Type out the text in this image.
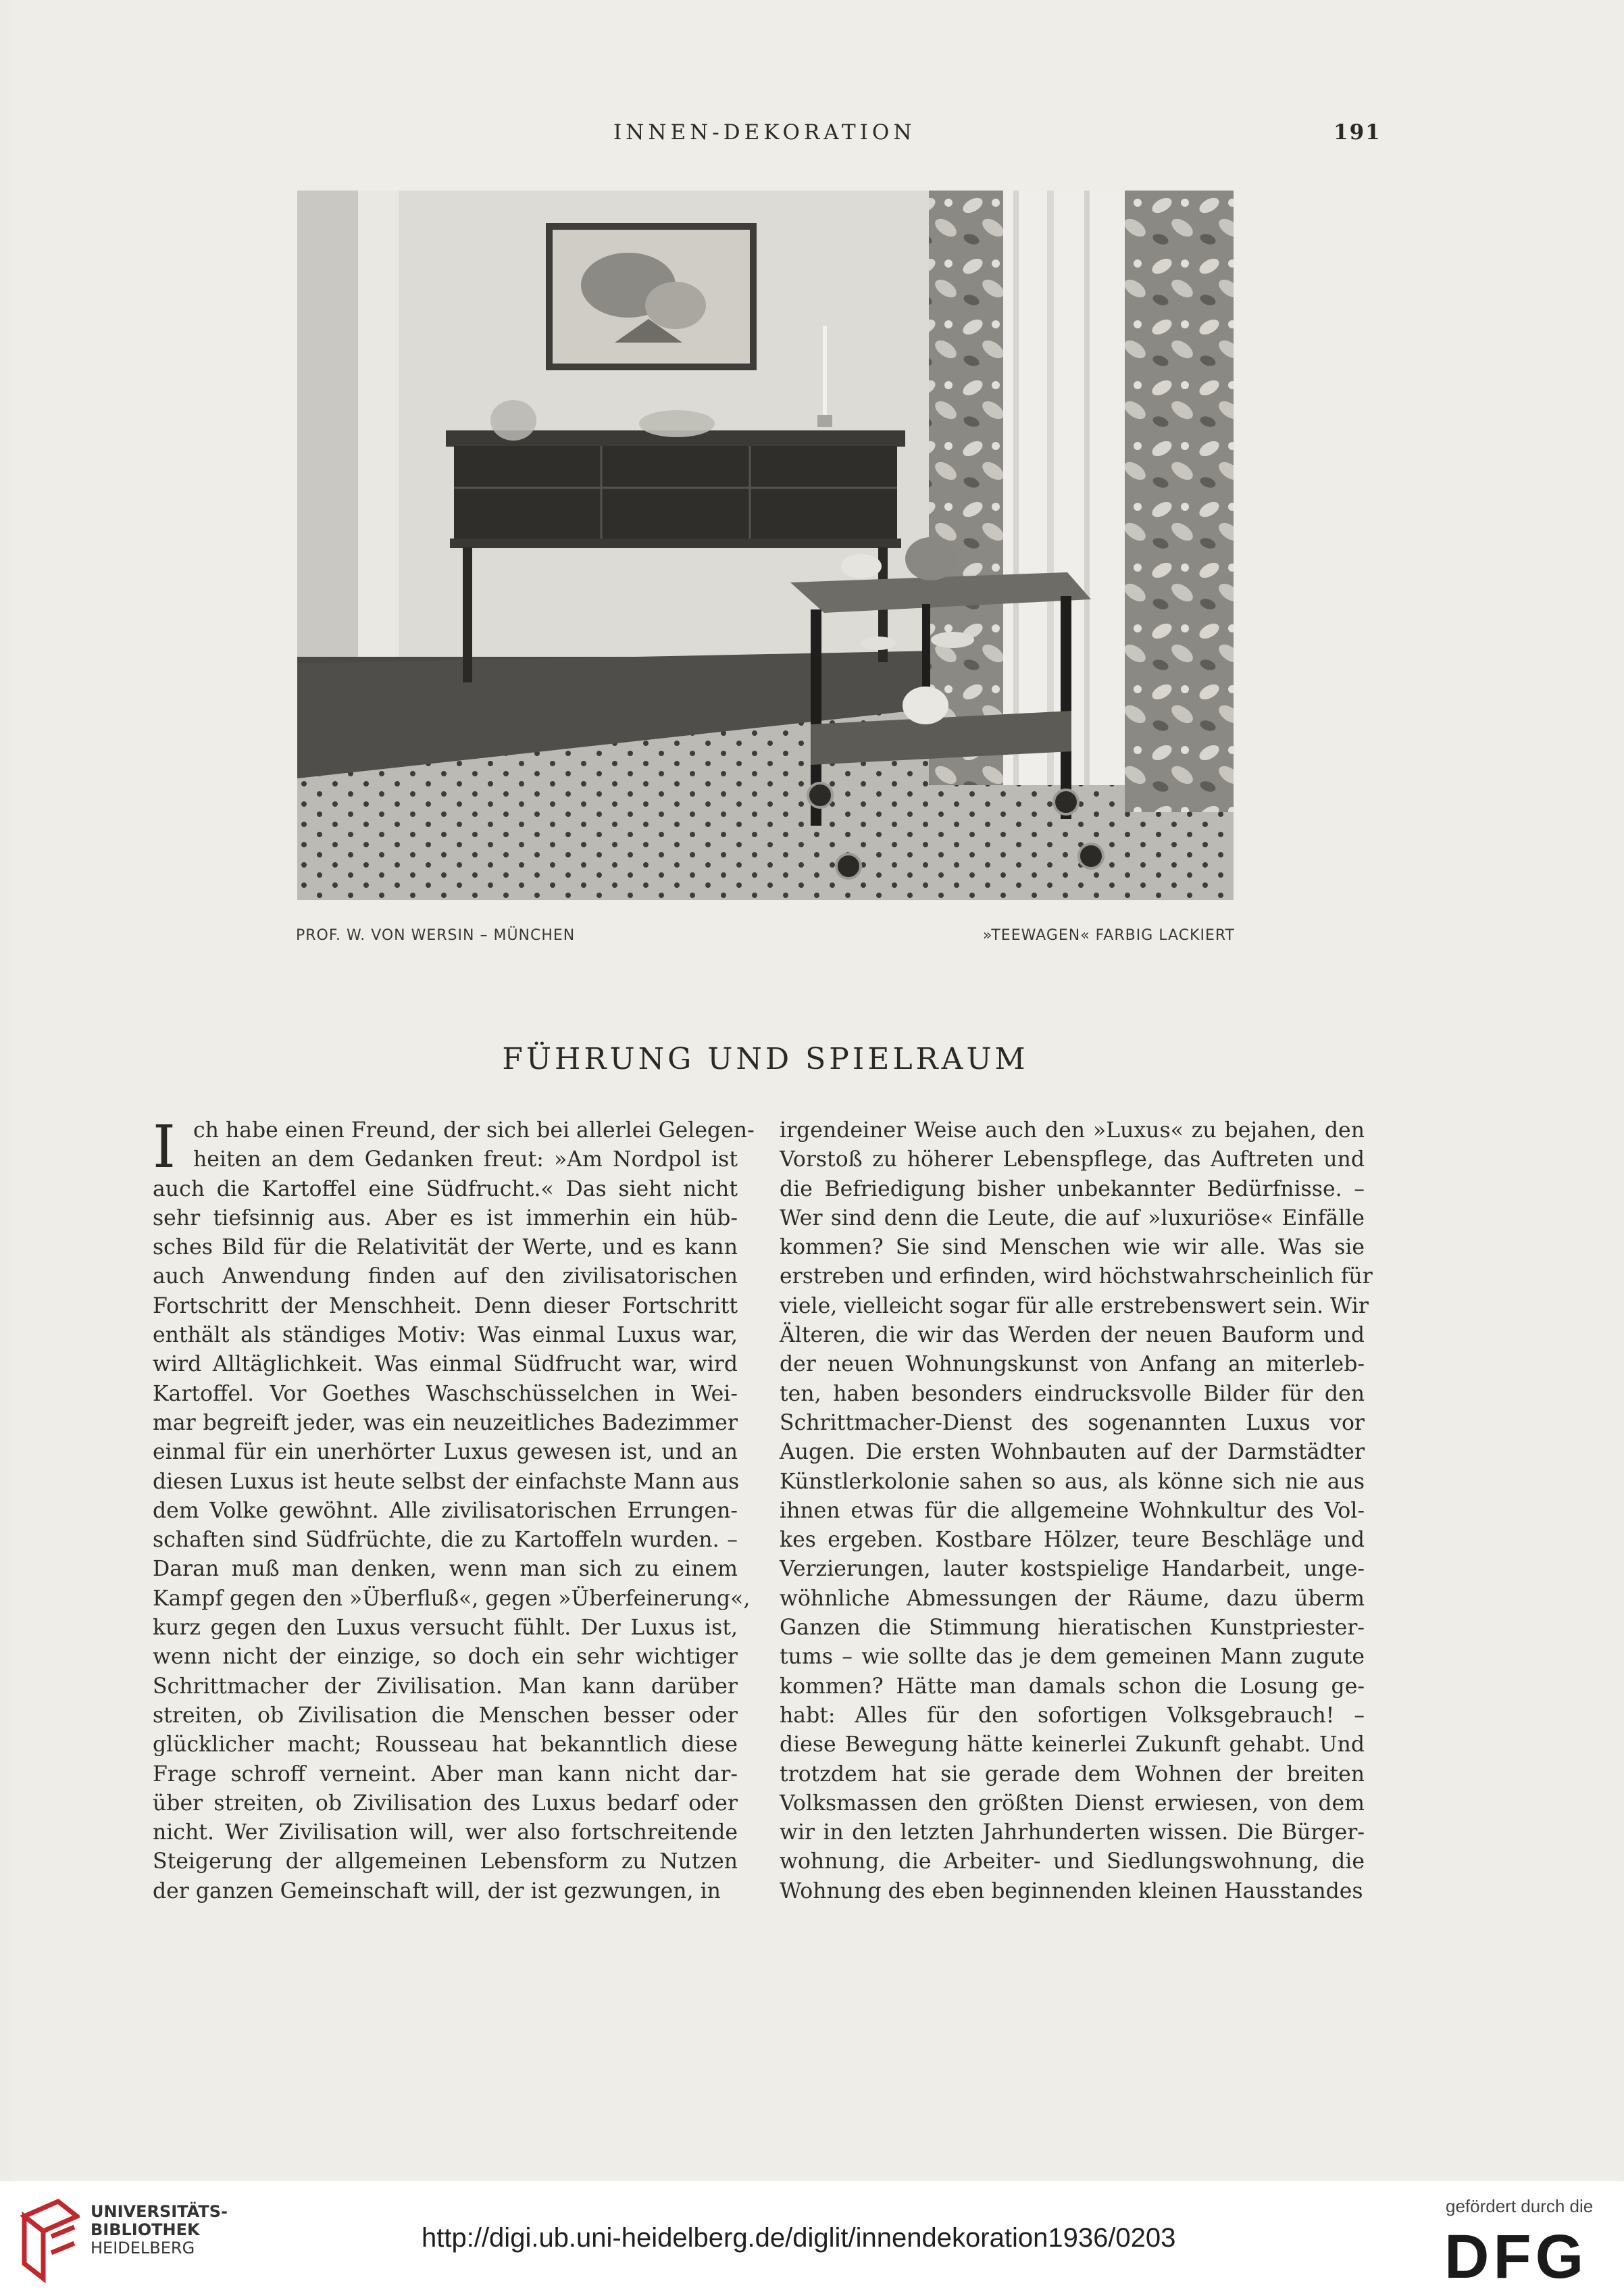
INNEN-DEKORATION	191
PROF. W. VON WERSIN – MÜNCHEN	»TEEWAGEN« FARBIG LACKIERT
FÜHRUNG UND SPIELRAUM
I ch habe einen Freund, der sich bei allerlei Gelegen-
heiten an dem Gedanken freut: »Am Nordpol ist
auch die Kartoffel eine Südfrucht.« Das sieht nicht
sehr tiefsinnig aus. Aber es ist immerhin ein hüb-
sches Bild für die Relativität der Werte, und es kann
auch Anwendung finden auf den zivilisatorischen
Fortschritt der Menschheit. Denn dieser Fortschritt
enthält als ständiges Motiv: Was einmal Luxus war,
wird Alltäglichkeit. Was einmal Südfrucht war, wird
Kartoffel. Vor Goethes Waschschüsselchen in Wei-
mar begreift jeder, was ein neuzeitliches Badezimmer
einmal für ein unerhörter Luxus gewesen ist, und an
diesen Luxus ist heute selbst der einfachste Mann aus
dem Volke gewöhnt. Alle zivilisatorischen Errungen-
schaften sind Südfrüchte, die zu Kartoffeln wurden. –
Daran muß man denken, wenn man sich zu einem
Kampf gegen den »Überfluß«, gegen »Überfeinerung«,
kurz gegen den Luxus versucht fühlt. Der Luxus ist,
wenn nicht der einzige, so doch ein sehr wichtiger
Schrittmacher der Zivilisation. Man kann darüber
streiten, ob Zivilisation die Menschen besser oder
glücklicher macht; Rousseau hat bekanntlich diese
Frage schroff verneint. Aber man kann nicht dar-
über streiten, ob Zivilisation des Luxus bedarf oder
nicht. Wer Zivilisation will, wer also fortschreitende
Steigerung der allgemeinen Lebensform zu Nutzen
der ganzen Gemeinschaft will, der ist gezwungen, in
irgendeiner Weise auch den »Luxus« zu bejahen, den
Vorstoß zu höherer Lebenspflege, das Auftreten und
die Befriedigung bisher unbekannter Bedürfnisse. –
Wer sind denn die Leute, die auf »luxuriöse« Einfälle
kommen? Sie sind Menschen wie wir alle. Was sie
erstreben und erfinden, wird höchstwahrscheinlich für
viele, vielleicht sogar für alle erstrebenswert sein. Wir
Älteren, die wir das Werden der neuen Bauform und
der neuen Wohnungskunst von Anfang an miterleb-
ten, haben besonders eindrucksvolle Bilder für den
Schrittmacher-Dienst des sogenannten Luxus vor
Augen. Die ersten Wohnbauten auf der Darmstädter
Künstlerkolonie sahen so aus, als könne sich nie aus
ihnen etwas für die allgemeine Wohnkultur des Vol-
kes ergeben. Kostbare Hölzer, teure Beschläge und
Verzierungen, lauter kostspielige Handarbeit, unge-
wöhnliche Abmessungen der Räume, dazu überm
Ganzen die Stimmung hieratischen Kunstpriester-
tums – wie sollte das je dem gemeinen Mann zugute
kommen? Hätte man damals schon die Losung ge-
habt: Alles für den sofortigen Volksgebrauch! –
diese Bewegung hätte keinerlei Zukunft gehabt. Und
trotzdem hat sie gerade dem Wohnen der breiten
Volksmassen den größten Dienst erwiesen, von dem
wir in den letzten Jahrhunderten wissen. Die Bürger-
wohnung, die Arbeiter- und Siedlungswohnung, die
Wohnung des eben beginnenden kleinen Hausstandes
UNIVERSITÄTS-
BIBLIOTHEK
HEIDELBERG	http://digi.ub.uni-heidelberg.de/diglit/innendekoration1936/0203
gefördert durch die
DFG
